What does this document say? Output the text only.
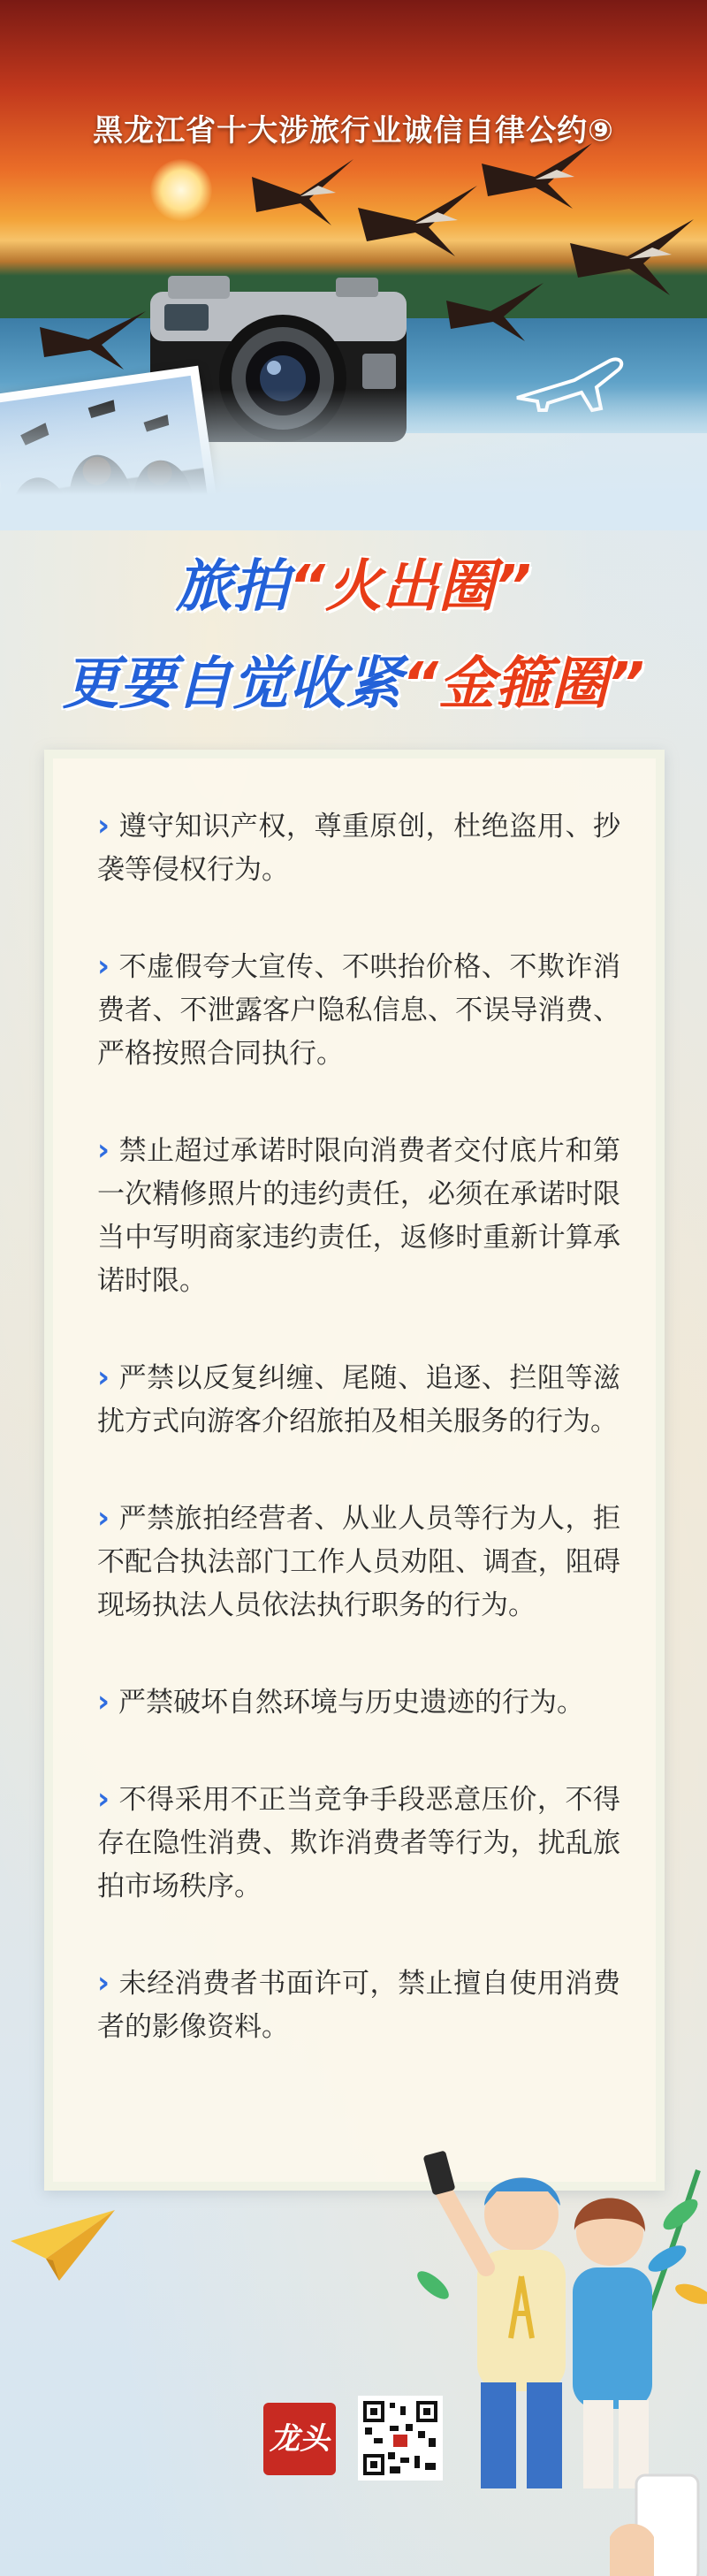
黑龙江省十大涉旅行业诚信自律公约⑨
旅拍“火出圈”
更要自觉收紧“金箍圈”
› 遵守知识产权，尊重原创，杜绝盗用、抄袭等侵权行为。
› 不虚假夸大宣传、不哄抬价格、不欺诈消费者、不泄露客户隐私信息、不误导消费、严格按照合同执行。
› 禁止超过承诺时限向消费者交付底片和第一次精修照片的违约责任，必须在承诺时限当中写明商家违约责任，返修时重新计算承诺时限。
› 严禁以反复纠缠、尾随、追逐、拦阻等滋扰方式向游客介绍旅拍及相关服务的行为。
› 严禁旅拍经营者、从业人员等行为人，拒不配合执法部门工作人员劝阻、调查，阻碍现场执法人员依法执行职务的行为。
› 严禁破坏自然环境与历史遗迹的行为。
› 不得采用不正当竞争手段恶意压价，不得存在隐性消费、欺诈消费者等行为，扰乱旅拍市场秩序。
› 未经消费者书面许可，禁止擅自使用消费者的影像资料。
龙头
